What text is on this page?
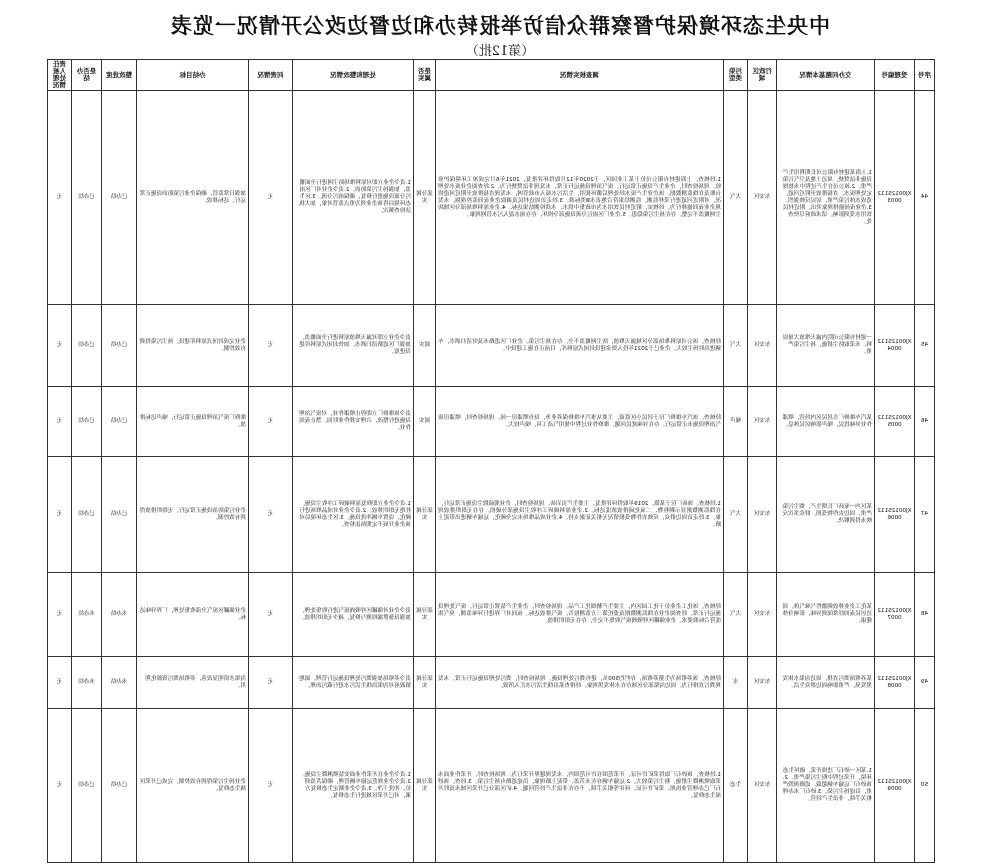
中央生态环境保护督察群众信访举报转办和边督边改公开情况一览表
（第12批）
序号	受理编号	交办问题基本情况	行政区域	污染类型	调查核实情况	是否属实	处理和整改情况	问责情况	办结目标	整改进度	是否办结	责任人被处理情况
44	XJ0012S1120003	1.上海某建材有限公司长期利用生产设施非法焚烧，周边土地及空气污染严重。2.该公司在生产过程中未按规定处理废水，直接排放至附近河道，造成水体污染严重，居民反映强烈。3.企业夜间偷排现象突出，附近村民饮用水受到影响，请求政府尽快查处。	东安区	大气	1.经核查，上海建材有限公司位于某工业园区，于2020年12月取得环评批复，2021年6月完成竣工环境保护验收。现场检查时，企业生产设施正常运行，废气治理设施运行正常，未发现非法焚烧行为。2.经查阅企业废水处理台账及在线监测数据，该企业生产废水经处理后循环使用，生活污水接入市政管网，未发现直接排放至附近河道情况。对附近河道进行采样监测，监测结果符合地表水Ⅲ类标准。3.经走访周边村民及调取企业夜间监控视频，未发现企业夜间偷排行为。经核实，附近村民饮用水为市政集中供水，水质检测结果达标。4.企业原料堆场部分区域防尘网覆盖不完整，存在扬尘污染隐患。5.企业厂区雨污分流设施部分损坏，存在雨水混入污水管网现象。	部分属实	1.责令企业立即对原料堆场防尘网进行全面覆盖，加强扬尘污染防治。2.责令企业对厂区雨污分流设施进行修复，确保雨污分流。3.区生态环境局将该企业列为重点监管对象，加大执法检查频次。	无	加强日常监管，确保企业污染防治设施正常运行，达标排放。	已办结	已办结	无
45	XJ0012S1120004	一建材有限公司院内露天堆放大量原料，未采取防尘措施，扬尘污染严重。	东安区	大气	经核查，该公司原料堆场部分区域露天堆放，防尘网覆盖不全，存在扬尘污染。企业厂区道路未及时清扫洒水，车辆进出时扬尘较大。企业已于2021年投入资金建设封闭式原料库，目前正在施工建设中。	属实	责令企业立即对露天堆放原料进行全面覆盖，加强厂区道路清扫洒水，加快封闭式原料库建设进度。	无	企业完成封闭式原料库建设，扬尘污染得到有效控制。	已办结	已办结	无
46	XJ0012S1120005	某汽车维修厂在居民区内经营，喷漆作业异味扰民，噪声影响居民休息。	东安区	噪声	经核查，该汽车维修厂位于居民小区底商，主要从事汽车维修保养业务，设有喷漆房一间。现场检查时，喷漆房废气治理设施未正常运行，存在异味扰民问题。维修作业过程中使用气动工具，噪声较大。	属实	责令该维修厂立即停止喷漆作业，对废气治理设施进行整改，合理安排作业时间，禁止夜间作业。	无	维修厂废气治理设施正常运行，噪声达标排放。	已办结	已办结	无
47	XJ0012S1120006	某区内一家砖厂长期生产，烟尘污染严重，周边农作物受损，群众多次反映未得到解决。	东安区	大气	1.经核查，该砖厂位于某镇，2019年取得环评批复，主要生产页岩砖。现场检查时，企业脱硫除尘设施正常运行，在线监测数据显示颗粒物、二氧化硫排放浓度达标。2.企业原料破碎工序收尘设施部分破损，存在无组织排放现象。3.经走访周边群众，反映农作物受损情况无相关证据支持。4.企业成品堆场未完全硬化，运输车辆进出带泥上路。	部分属实	1.责令企业立即修复原料破碎工序收尘设施，杜绝无组织排放。2.责令企业对成品堆场进行硬化，设置车辆冲洗设施。3.区生态环境局对该企业开展不定期执法检查。	无	企业污染防治设施正常运行，无组织排放得到有效控制。	已办结	已办结	无
48	XJ0012S1120007	某化工企业排放刺激性气味气体，周边居民夜间经常闻到异味，影响身体健康。	东安区	大气	经核查，该化工企业位于化工园区内，主要生产精细化工产品。现场检查时，企业生产装置正常运行，废气处理设施运行正常。经查阅企业在线监测数据及委托第三方监测报告，废气排放达标。夜间对厂界进行异味监测，臭气浓度符合标准要求。企业储罐区呼吸阀废气收集不完全，存在无组织排放。	部分属实	责令企业对储罐区呼吸阀废气进行收集处理，加强设备泄漏检测与修复，减少无组织排放。	无	企业储罐区废气全部收集处理，厂界异味达标。	未办结	未办结	无
49	XJ0012S1120008	某养殖场粪污直排，周边沟渠水体发黑发臭，严重影响周边群众生活。	东安区	水	经核查，该养殖场为生猪养殖场，存栏约500头，建有粪污处理设施。现场检查时，粪污处理设施运行正常，未发现粪污直排行为。周边沟渠部分区域存在水体发黑现象，经排查系沿线生活污水汇入所致。	部分属实	责令养殖场加强粪污处理设施运行管理，属地镇政府对沟渠沿线生活污水进行截污治理。	无	沟渠水质明显改善，养殖场粪污资源化利用。	未办结	未办结	无
50	XJ0012S1120009	1.某区一砂石厂违规开采，破坏生态环境，开采过程中粉尘污染严重。2.该砂石厂运输车辆超载，道路损毁严重，沿途扬尘污染。3.砂石厂未办理相关手续，非法生产经营。	东安区	生态	1.经核查，该砂石厂取得采矿许可证，开采范围在许可范围内，未发现越界开采行为。现场检查时，开采作业面未采取喷淋降尘措施，粉尘污染较大。2.运输车辆存在未苫盖、带泥上路现象，沿途道路有扬尘污染。3.经查，该砂石厂已办理营业执照、采矿许可证、环评等相关手续，不存在非法生产经营问题。4.矿区部分已开采区域未及时开展生态修复。	部分属实	1.责令企业在开采作业面安装喷淋降尘设施。2.责令企业规范运输车辆管理，确保苫盖到位、冲洗干净。3.责令企业制定生态修复方案，对已开采区域进行生态修复。	无	企业扬尘污染得到有效控制，完成已开采区域生态修复。	已办结	已办结	无
